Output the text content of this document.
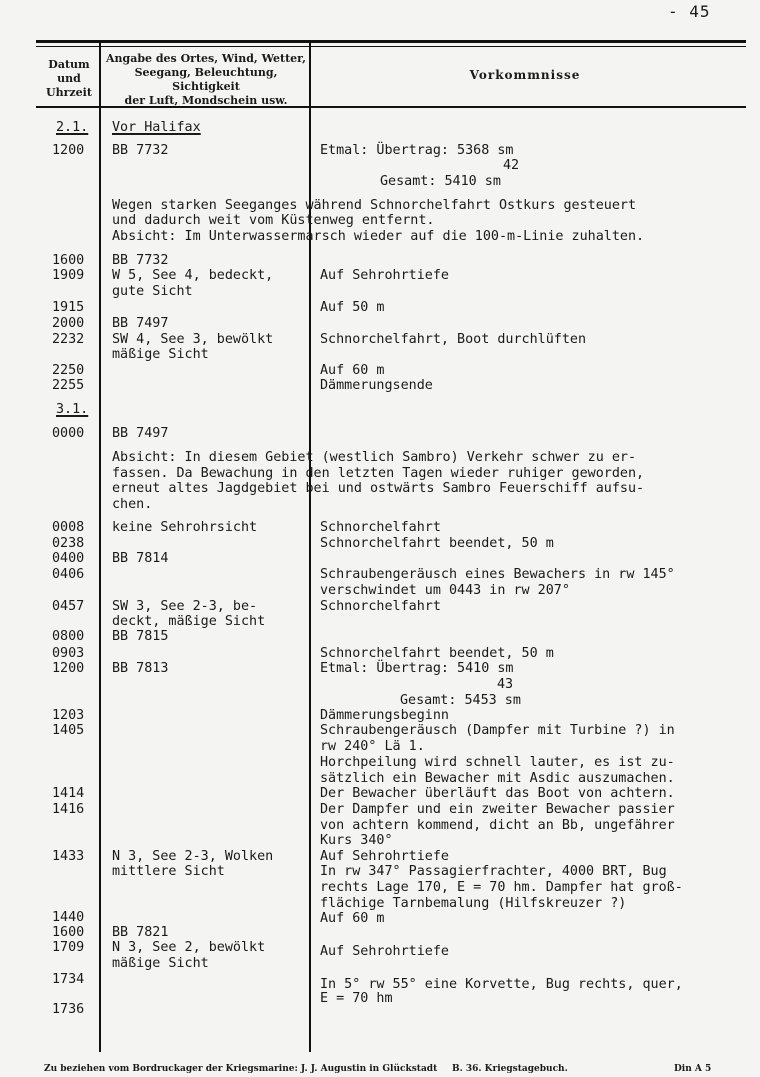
- 45
Datum
und
Uhrzeit
Angabe des Ortes, Wind, Wetter,
Seegang, Beleuchtung, Sichtigkeit
der Luft, Mondschein usw.
Vorkommnisse
2.1. Vor Halifax
1200 BB 7732	Etmal: Übertrag: 5368 sm
42
Gesamt: 5410 sm
Wegen starken Seeganges während Schnorchelfahrt Ostkurs gesteuert
und dadurch weit vom Küstenweg entfernt.
Absicht: Im Unterwassermarsch wieder auf die 100-m-Linie zuhalten.
1600 BB 7732
1909 W 5, See 4, bedeckt,	Auf Sehrohrtiefe
gute Sicht
1915	Auf 50 m
2000 BB 7497
2232 SW 4, See 3, bewölkt	Schnorchelfahrt, Boot durchlüften
mäßige Sicht
2250	Auf 60 m
2255	Dämmerungsende
3.1.
0000 BB 7497
Absicht: In diesem Gebiet (westlich Sambro) Verkehr schwer zu er-
fassen. Da Bewachung in den letzten Tagen wieder ruhiger geworden,
erneut altes Jagdgebiet bei und ostwärts Sambro Feuerschiff aufsu-
chen.
0008 keine Sehrohrsicht	Schnorchelfahrt
0238	Schnorchelfahrt beendet, 50 m
0400 BB 7814
0406	Schraubengeräusch eines Bewachers in rw 145°
verschwindet um 0443 in rw 207°
0457 SW 3, See 2-3, be-	Schnorchelfahrt
deckt, mäßige Sicht
0800 BB 7815
0903	Schnorchelfahrt beendet, 50 m
1200 BB 7813	Etmal: Übertrag: 5410 sm
43
Gesamt: 5453 sm
1203	Dämmerungsbeginn
1405	Schraubengeräusch (Dampfer mit Turbine ?) in
rw 240° Lä 1.
Horchpeilung wird schnell lauter, es ist zu-
sätzlich ein Bewacher mit Asdic auszumachen.
1414	Der Bewacher überläuft das Boot von achtern.
1416	Der Dampfer und ein zweiter Bewacher passier
von achtern kommend, dicht an Bb, ungefährer
Kurs 340°
1433 N 3, See 2-3, Wolken	Auf Sehrohrtiefe
mittlere Sicht	In rw 347° Passagierfrachter, 4000 BRT, Bug
rechts Lage 170, E = 70 hm. Dampfer hat groß-
flächige Tarnbemalung (Hilfskreuzer ?)
1440	Auf 60 m
1600 BB 7821
1709 N 3, See 2, bewölkt	Auf Sehrohrtiefe
mäßige Sicht
1734	In 5° rw 55° eine Korvette, Bug rechts, quer,
E = 70 hm
1736
Zu beziehen vom Bordruckager der Kriegsmarine: J. J. Augustin in Glückstadt B. 36. Kriegstagebuch.	Din A 5
